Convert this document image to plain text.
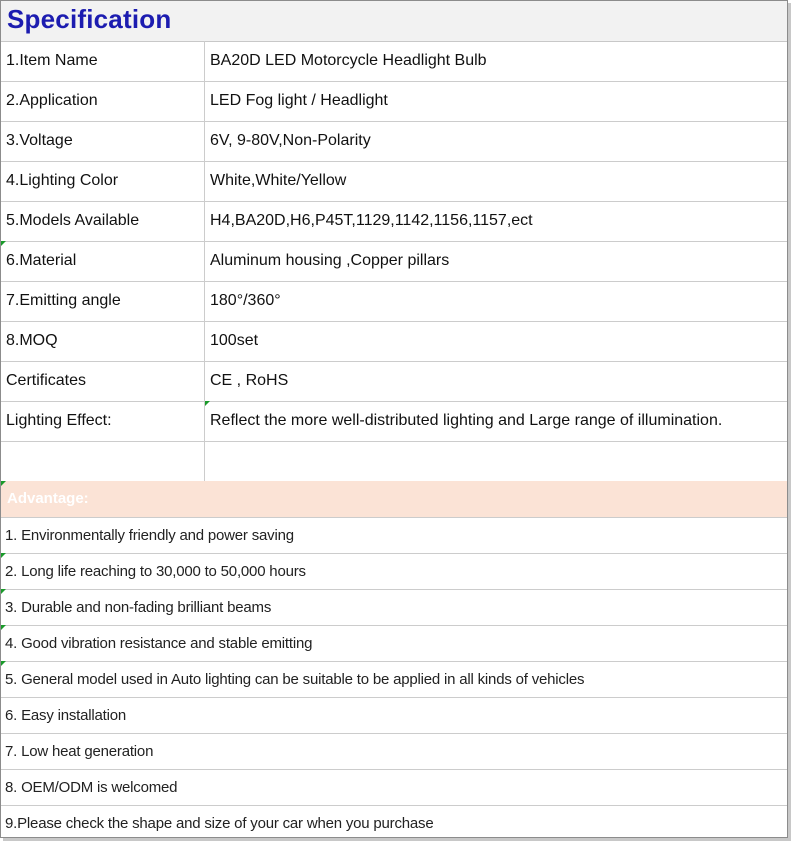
Specification
1.Item Name	BA20D LED Motorcycle Headlight Bulb
2.Application	LED Fog light / Headlight
3.Voltage	6V, 9-80V,Non-Polarity
4.Lighting Color	White,White/Yellow
5.Models Available	H4,BA20D,H6,P45T,1129,1142,1156,1157,ect
6.Material	Aluminum housing ,Copper pillars
7.Emitting angle	180°/360°
8.MOQ	100set
Certificates	CE , RoHS
Lighting Effect:	Reflect the more well-distributed lighting and Large range of illumination.
Advantage:
1. Environmentally friendly and power saving
2. Long life reaching to 30,000 to 50,000 hours
3. Durable and non-fading brilliant beams
4. Good vibration resistance and stable emitting
5. General model used in Auto lighting can be suitable to be applied in all kinds of vehicles
6. Easy installation
7. Low heat generation
8. OEM/ODM is welcomed
9.Please check the shape and size of your car when you purchase
